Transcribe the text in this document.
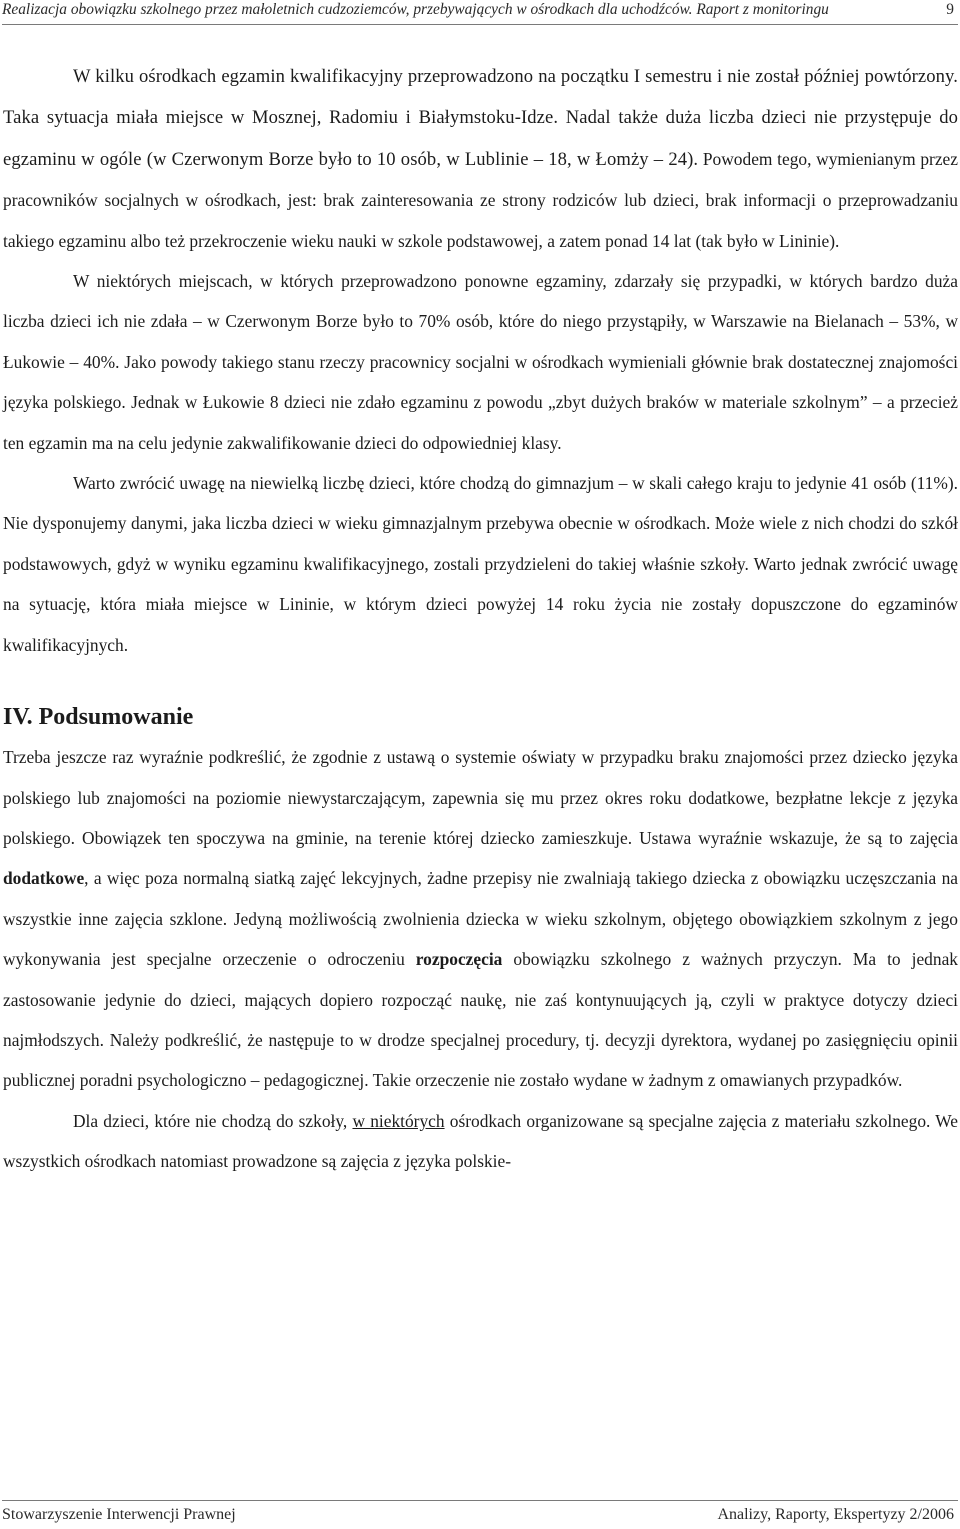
Realizacja obowiązku szkolnego przez małoletnich cudzoziemców, przebywających w ośrodkach dla uchodźców. Raport z monitoringu	9

W kilku ośrodkach egzamin kwalifikacyjny przeprowadzono na początku I semestru i nie został później powtórzony. Taka sytuacja miała miejsce w Mosznej, Radomiu i Białymstoku-Idze. Nadal także duża liczba dzieci nie przystępuje do egzaminu w ogóle (w Czerwonym Borze było to 10 osób, w Lublinie – 18, w Łomży – 24). Powodem tego, wymienianym przez pracowników socjalnych w ośrodkach, jest: brak zainteresowania ze strony rodziców lub dzieci, brak informacji o przeprowadzaniu takiego egzaminu albo też przekroczenie wieku nauki w szkole podstawowej, a zatem ponad 14 lat (tak było w Lininie).

W niektórych miejscach, w których przeprowadzono ponowne egzaminy, zdarzały się przypadki, w których bardzo duża liczba dzieci ich nie zdała – w Czerwonym Borze było to 70% osób, które do niego przystąpiły, w Warszawie na Bielanach – 53%, w Łukowie – 40%. Jako powody takiego stanu rzeczy pracownicy socjalni w ośrodkach wymieniali głównie brak dostatecznej znajomości języka polskiego. Jednak w Łukowie 8 dzieci nie zdało egzaminu z powodu „zbyt dużych braków w materiale szkolnym” – a przecież ten egzamin ma na celu jedynie zakwalifikowanie dzieci do odpowiedniej klasy.

Warto zwrócić uwagę na niewielką liczbę dzieci, które chodzą do gimnazjum – w skali całego kraju to jedynie 41 osób (11%). Nie dysponujemy danymi, jaka liczba dzieci w wieku gimnazjalnym przebywa obecnie w ośrodkach. Może wiele z nich chodzi do szkół podstawowych, gdyż w wyniku egzaminu kwalifikacyjnego, zostali przydzieleni do takiej właśnie szkoły. Warto jednak zwrócić uwagę na sytuację, która miała miejsce w Lininie, w którym dzieci powyżej 14 roku życia nie zostały dopuszczone do egzaminów kwalifikacyjnych.

IV. Podsumowanie

Trzeba jeszcze raz wyraźnie podkreślić, że zgodnie z ustawą o systemie oświaty w przypadku braku znajomości przez dziecko języka polskiego lub znajomości na poziomie niewystarczającym, zapewnia się mu przez okres roku dodatkowe, bezpłatne lekcje z języka polskiego. Obowiązek ten spoczywa na gminie, na terenie której dziecko zamieszkuje. Ustawa wyraźnie wskazuje, że są to zajęcia dodatkowe, a więc poza normalną siatką zajęć lekcyjnych, żadne przepisy nie zwalniają takiego dziecka z obowiązku uczęszczania na wszystkie inne zajęcia szklone. Jedyną możliwością zwolnienia dziecka w wieku szkolnym, objętego obowiązkiem szkolnym z jego wykonywania jest specjalne orzeczenie o odroczeniu rozpoczęcia obowiązku szkolnego z ważnych przyczyn. Ma to jednak zastosowanie jedynie do dzieci, mających dopiero rozpocząć naukę, nie zaś kontynuujących ją, czyli w praktyce dotyczy dzieci najmłodszych. Należy podkreślić, że następuje to w drodze specjalnej procedury, tj. decyzji dyrektora, wydanej po zasięgnięciu opinii publicznej poradni psychologiczno – pedagogicznej. Takie orzeczenie nie zostało wydane w żadnym z omawianych przypadków.

Dla dzieci, które nie chodzą do szkoły, w niektórych ośrodkach organizowane są specjalne zajęcia z materiału szkolnego. We wszystkich ośrodkach natomiast prowadzone są zajęcia z języka polskie-

Stowarzyszenie Interwencji Prawnej	Analizy, Raporty, Ekspertyzy 2/2006
